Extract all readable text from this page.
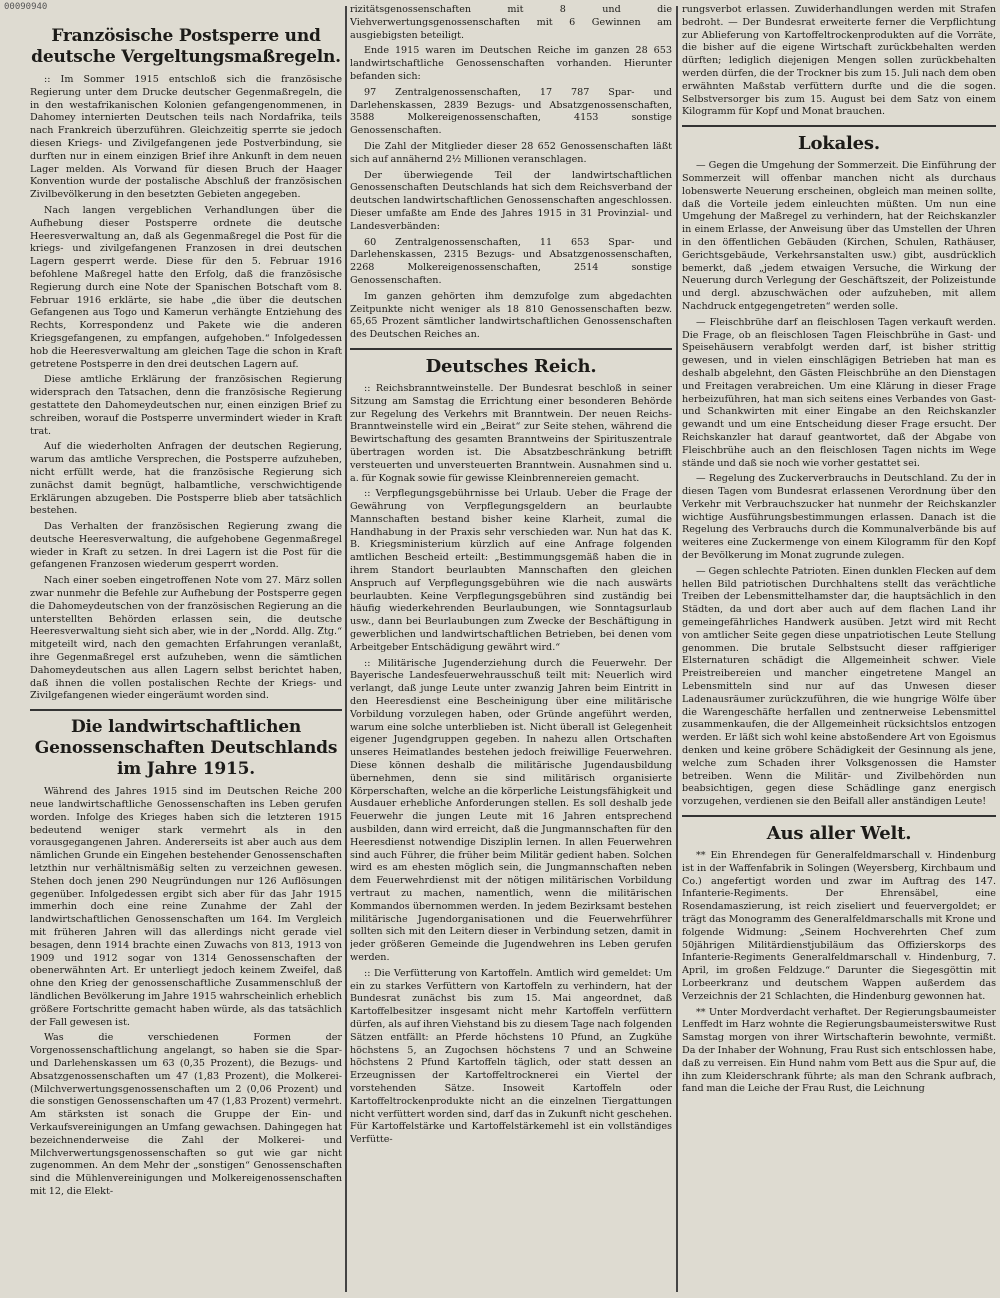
00090940
Französische Postsperre und deutsche Vergeltungsmaßregeln.

:: Im Sommer 1915 entschloß sich die französische Regierung unter dem Drucke deutscher Gegenmaßregeln, die in den westafrikanischen Kolonien gefangengenommenen, in Dahomey internierten Deutschen teils nach Nordafrika, teils nach Frankreich überzuführen. Gleichzeitig sperrte sie jedoch diesen Kriegs- und Zivilgefangenen jede Postverbindung, sie durften nur in einem einzigen Brief ihre Ankunft in dem neuen Lager melden. Als Vorwand für diesen Bruch der Haager Konvention wurde der postalische Abschluß der französischen Zivilbevölkerung in den besetzten Gebieten angegeben.

Nach langen vergeblichen Verhandlungen über die Aufhebung dieser Postsperre ordnete die deutsche Heeresverwaltung an, daß als Gegenmaßregel die Post für die kriegs- und zivilgefangenen Franzosen in drei deutschen Lagern gesperrt werde. Diese für den 5. Februar 1916 befohlene Maßregel hatte den Erfolg, daß die französische Regierung durch eine Note der Spanischen Botschaft vom 8. Februar 1916 erklärte, sie habe „die über die deutschen Gefangenen aus Togo und Kamerun verhängte Entziehung des Rechts, Korrespondenz und Pakete wie die anderen Kriegsgefangenen, zu empfangen, aufgehoben.“ Infolgedessen hob die Heeresverwaltung am gleichen Tage die schon in Kraft getretene Postsperre in den drei deutschen Lagern auf.

Diese amtliche Erklärung der französischen Regierung widersprach den Tatsachen, denn die französische Regierung gestattete den Dahomeydeutschen nur, einen einzigen Brief zu schreiben, worauf die Postsperre unvermindert wieder in Kraft trat.

Auf die wiederholten Anfragen der deutschen Regierung, warum das amtliche Versprechen, die Postsperre aufzuheben, nicht erfüllt werde, hat die französische Regierung sich zunächst damit begnügt, halbamtliche, verschwichtigende Erklärungen abzugeben. Die Postsperre blieb aber tatsächlich bestehen.

Das Verhalten der französischen Regierung zwang die deutsche Heeresverwaltung, die aufgehobene Gegenmaßregel wieder in Kraft zu setzen. In drei Lagern ist die Post für die gefangenen Franzosen wiederum gesperrt worden.

Nach einer soeben eingetroffenen Note vom 27. März sollen zwar nunmehr die Befehle zur Aufhebung der Postsperre gegen die Dahomeydeutschen von der französischen Regierung an die unterstellten Behörden erlassen sein, die deutsche Heeresverwaltung sieht sich aber, wie in der „Nordd. Allg. Ztg.“ mitgeteilt wird, nach den gemachten Erfahrungen veranlaßt, ihre Gegenmaßregel erst aufzuheben, wenn die sämtlichen Dahomeydeutschen aus allen Lagern selbst berichtet haben, daß ihnen die vollen postalischen Rechte der Kriegs- und Zivilgefangenen wieder eingeräumt worden sind.

Die landwirtschaftlichen Genossenschaften Deutschlands im Jahre 1915.

Während des Jahres 1915 sind im Deutschen Reiche 200 neue landwirtschaftliche Genossenschaften ins Leben gerufen worden. Infolge des Krieges haben sich die letzteren 1915 bedeutend weniger stark vermehrt als in den vorausgegangenen Jahren. Andererseits ist aber auch aus dem nämlichen Grunde ein Eingehen bestehender Genossenschaften letzthin nur verhältnismäßig selten zu verzeichnen gewesen. Stehen doch jenen 290 Neugründungen nur 126 Auflösungen gegenüber. Infolgedessen ergibt sich aber für das Jahr 1915 immerhin doch eine reine Zunahme der Zahl der landwirtschaftlichen Genossenschaften um 164. Im Vergleich mit früheren Jahren will das allerdings nicht gerade viel besagen, denn 1914 brachte einen Zuwachs von 813, 1913 von 1909 und 1912 sogar von 1314 Genossenschaften der obenerwähnten Art. Er unterliegt jedoch keinem Zweifel, daß ohne den Krieg der genossenschaftliche Zusammenschluß der ländlichen Bevölkerung im Jahre 1915 wahrscheinlich erheblich größere Fortschritte gemacht haben würde, als das tatsächlich der Fall gewesen ist.

Was die verschiedenen Formen der Vorgenossenschaftlichung angelangt, so haben sie die Spar- und Darlehenskassen um 63 (0,35 Prozent), die Bezugs- und Absatzgenossenschaften um 47 (1,83 Prozent), die Molkerei- (Milchverwertungsgenossenschaften um 2 (0,06 Prozent) und die sonstigen Genossenschaften um 47 (1,83 Prozent) vermehrt. Am stärksten ist sonach die Gruppe der Ein- und Verkaufsvereinigungen an Umfang gewachsen. Dahingegen hat bezeichnenderweise die Zahl der Molkerei- und Milchverwertungsgenossenschaften so gut wie gar nicht zugenommen. An dem Mehr der „sonstigen“ Genossenschaften sind die Mühlenvereinigungen und Molkereigenossenschaften mit 12, die Elekt-

rizitätsgenossenschaften mit 8 und die Viehverwertungsgenossenschaften mit 6 Gewinnen am ausgiebigsten beteiligt.

Ende 1915 waren im Deutschen Reiche im ganzen 28 653 landwirtschaftliche Genossenschaften vorhanden. Hierunter befanden sich:

97 Zentralgenossenschaften, 17 787 Spar- und Darlehenskassen, 2839 Bezugs- und Absatzgenossenschaften, 3588 Molkereigenossenschaften, 4153 sonstige Genossenschaften.

Die Zahl der Mitglieder dieser 28 652 Genossenschaften läßt sich auf annähernd 2½ Millionen veranschlagen.

Der überwiegende Teil der landwirtschaftlichen Genossenschaften Deutschlands hat sich dem Reichsverband der deutschen landwirtschaftlichen Genossenschaften angeschlossen. Dieser umfaßte am Ende des Jahres 1915 in 31 Provinzial- und Landesverbänden:

60 Zentralgenossenschaften, 11 653 Spar- und Darlehenskassen, 2315 Bezugs- und Absatzgenossenschaften, 2268 Molkereigenossenschaften, 2514 sonstige Genossenschaften.

Im ganzen gehörten ihm demzufolge zum abgedachten Zeitpunkte nicht weniger als 18 810 Genossenschaften bezw. 65,65 Prozent sämtlicher landwirtschaftlichen Genossenschaften des Deutschen Reiches an.

Deutsches Reich.

:: Reichsbranntweinstelle. Der Bundesrat beschloß in seiner Sitzung am Samstag die Errichtung einer besonderen Behörde zur Regelung des Verkehrs mit Branntwein. Der neuen Reichs-Branntweinstelle wird ein „Beirat“ zur Seite stehen, während die Bewirtschaftung des gesamten Branntweins der Spirituszentrale übertragen worden ist. Die Absatzbeschränkung betrifft versteuerten und unversteuerten Branntwein. Ausnahmen sind u. a. für Kognak sowie für gewisse Kleinbrennereien gemacht.

:: Verpflegungsgebührnisse bei Urlaub. Ueber die Frage der Gewährung von Verpflegungsgeldern an beurlaubte Mannschaften bestand bisher keine Klarheit, zumal die Handhabung in der Praxis sehr verschieden war. Nun hat das K. B. Kriegsministerium kürzlich auf eine Anfrage folgenden amtlichen Bescheid erteilt: „Bestimmungsgemäß haben die in ihrem Standort beurlaubten Mannschaften den gleichen Anspruch auf Verpflegungsgebühren wie die nach auswärts beurlaubten. Keine Verpflegungsgebühren sind zuständig bei häufig wiederkehrenden Beurlaubungen, wie Sonntagsurlaub usw., dann bei Beurlaubungen zum Zwecke der Beschäftigung in gewerblichen und landwirtschaftlichen Betrieben, bei denen vom Arbeitgeber Entschädigung gewährt wird.“

:: Militärische Jugenderziehung durch die Feuerwehr. Der Bayerische Landesfeuerwehrausschuß teilt mit: Neuerlich wird verlangt, daß junge Leute unter zwanzig Jahren beim Eintritt in den Heeresdienst eine Bescheinigung über eine militärische Vorbildung vorzulegen haben, oder Gründe angeführt werden, warum eine solche unterblieben ist. Nicht überall ist Gelegenheit eigener Jugendgruppen gegeben. In nahezu allen Ortschaften unseres Heimatlandes bestehen jedoch freiwillige Feuerwehren. Diese können deshalb die militärische Jugendausbildung übernehmen, denn sie sind militärisch organisierte Körperschaften, welche an die körperliche Leistungsfähigkeit und Ausdauer erhebliche Anforderungen stellen. Es soll deshalb jede Feuerwehr die jungen Leute mit 16 Jahren entsprechend ausbilden, dann wird erreicht, daß die Jungmannschaften für den Heeresdienst notwendige Disziplin lernen. In allen Feuerwehren sind auch Führer, die früher beim Militär gedient haben. Solchen wird es am ehesten möglich sein, die Jungmannschaften neben dem Feuerwehrdienst mit der nötigen militärischen Vorbildung vertraut zu machen, namentlich, wenn die militärischen Kommandos übernommen werden. In jedem Bezirksamt bestehen militärische Jugendorganisationen und die Feuerwehrführer sollten sich mit den Leitern dieser in Verbindung setzen, damit in jeder größeren Gemeinde die Jugendwehren ins Leben gerufen werden.

:: Die Verfütterung von Kartoffeln. Amtlich wird gemeldet: Um ein zu starkes Verfüttern von Kartoffeln zu verhindern, hat der Bundesrat zunächst bis zum 15. Mai angeordnet, daß Kartoffelbesitzer insgesamt nicht mehr Kartoffeln verfüttern dürfen, als auf ihren Viehstand bis zu diesem Tage nach folgenden Sätzen entfällt: an Pferde höchstens 10 Pfund, an Zugkühe höchstens 5, an Zugochsen höchstens 7 und an Schweine höchstens 2 Pfund Kartoffeln täglich, oder statt dessen an Erzeugnissen der Kartoffeltrocknerei ein Viertel der vorstehenden Sätze. Insoweit Kartoffeln oder Kartoffeltrockenprodukte nicht an die einzelnen Tiergattungen nicht verfüttert worden sind, darf das in Zukunft nicht geschehen. Für Kartoffelstärke und Kartoffelstärkemehl ist ein vollständiges Verfütte-

rungsverbot erlassen. Zuwiderhandlungen werden mit Strafen bedroht. — Der Bundesrat erweiterte ferner die Verpflichtung zur Ablieferung von Kartoffeltrockenprodukten auf die Vorräte, die bisher auf die eigene Wirtschaft zurückbehalten werden dürften; lediglich diejenigen Mengen sollen zurückbehalten werden dürfen, die der Trockner bis zum 15. Juli nach dem oben erwähnten Maßstab verfüttern durfte und die die sogen. Selbstversorger bis zum 15. August bei dem Satz von einem Kilogramm für Kopf und Monat brauchen.

Lokales.

— Gegen die Umgehung der Sommerzeit. Die Einführung der Sommerzeit will offenbar manchen nicht als durchaus lobenswerte Neuerung erscheinen, obgleich man meinen sollte, daß die Vorteile jedem einleuchten müßten. Um nun eine Umgehung der Maßregel zu verhindern, hat der Reichskanzler in einem Erlasse, der Anweisung über das Umstellen der Uhren in den öffentlichen Gebäuden (Kirchen, Schulen, Rathäuser, Gerichtsgebäude, Verkehrsanstalten usw.) gibt, ausdrücklich bemerkt, daß „jedem etwaigen Versuche, die Wirkung der Neuerung durch Verlegung der Geschäftszeit, der Polizeistunde und dergl. abzuschwächen oder aufzuheben, mit allem Nachdruck entgegengetreten“ werden solle.

— Fleischbrühe darf an fleischlosen Tagen verkauft werden. Die Frage, ob an fleischlosen Tagen Fleischbrühe in Gast- und Speisehäusern verabfolgt werden darf, ist bisher strittig gewesen, und in vielen einschlägigen Betrieben hat man es deshalb abgelehnt, den Gästen Fleischbrühe an den Dienstagen und Freitagen verabreichen. Um eine Klärung in dieser Frage herbeizuführen, hat man sich seitens eines Verbandes von Gast- und Schankwirten mit einer Eingabe an den Reichskanzler gewandt und um eine Entscheidung dieser Frage ersucht. Der Reichskanzler hat darauf geantwortet, daß der Abgabe von Fleischbrühe auch an den fleischlosen Tagen nichts im Wege stände und daß sie noch wie vorher gestattet sei.

— Regelung des Zuckerverbrauchs in Deutschland. Zu der in diesen Tagen vom Bundesrat erlassenen Verordnung über den Verkehr mit Verbrauchszucker hat nunmehr der Reichskanzler wichtige Ausführungsbestimmungen erlassen. Danach ist die Regelung des Verbrauchs durch die Kommunalverbände bis auf weiteres eine Zuckermenge von einem Kilogramm für den Kopf der Bevölkerung im Monat zugrunde zulegen.

— Gegen schlechte Patrioten. Einen dunklen Flecken auf dem hellen Bild patriotischen Durchhaltens stellt das verächtliche Treiben der Lebensmittelhamster dar, die hauptsächlich in den Städten, da und dort aber auch auf dem flachen Land ihr gemeingefährliches Handwerk ausüben. Jetzt wird mit Recht von amtlicher Seite gegen diese unpatriotischen Leute Stellung genommen. Die brutale Selbstsucht dieser raffgieriger Elsternaturen schädigt die Allgemeinheit schwer. Viele Preistreibereien und mancher eingetretene Mangel an Lebensmitteln sind nur auf das Unwesen dieser Ladenausräumer zurückzuführen, die wie hungrige Wölfe über die Warengeschäfte herfallen und zentnerweise Lebensmittel zusammenkaufen, die der Allgemeinheit rücksichtslos entzogen werden. Er läßt sich wohl keine abstoßendere Art von Egoismus denken und keine gröbere Schädigkeit der Gesinnung als jene, welche zum Schaden ihrer Volksgenossen die Hamster betreiben. Wenn die Militär- und Zivilbehörden nun beabsichtigen, gegen diese Schädlinge ganz energisch vorzugehen, verdienen sie den Beifall aller anständigen Leute!

Aus aller Welt.

** Ein Ehrendegen für Generalfeldmarschall v. Hindenburg ist in der Waffenfabrik in Solingen (Weyersberg, Kirchbaum und Co.) angefertigt worden und zwar im Auftrag des 147. Infanterie-Regiments. Der Ehrensäbel, eine Rosendamaszierung, ist reich ziseliert und feuervergoldet; er trägt das Monogramm des Generalfeldmarschalls mit Krone und folgende Widmung: „Seinem Hochverehrten Chef zum 50jährigen Militärdienstjubiläum das Offizierskorps des Infanterie-Regiments Generalfeldmarschall v. Hindenburg, 7. April, im großen Feldzuge.“ Darunter die Siegesgöttin mit Lorbeerkranz und deutschem Wappen außerdem das Verzeichnis der 21 Schlachten, die Hindenburg gewonnen hat.

** Unter Mordverdacht verhaftet. Der Regierungsbaumeister Lenffedt im Harz wohnte die Regierungsbaumeisterswitwe Rust Samstag morgen von ihrer Wirtschafterin bewohnte, vermißt. Da der Inhaber der Wohnung, Frau Rust sich entschlossen habe, daß zu verreisen. Ein Hund nahm vom Bett aus die Spur auf, die ihn zum Kleiderschrank führte; als man den Schrank aufbrach, fand man die Leiche der Frau Rust, die Leichnung
